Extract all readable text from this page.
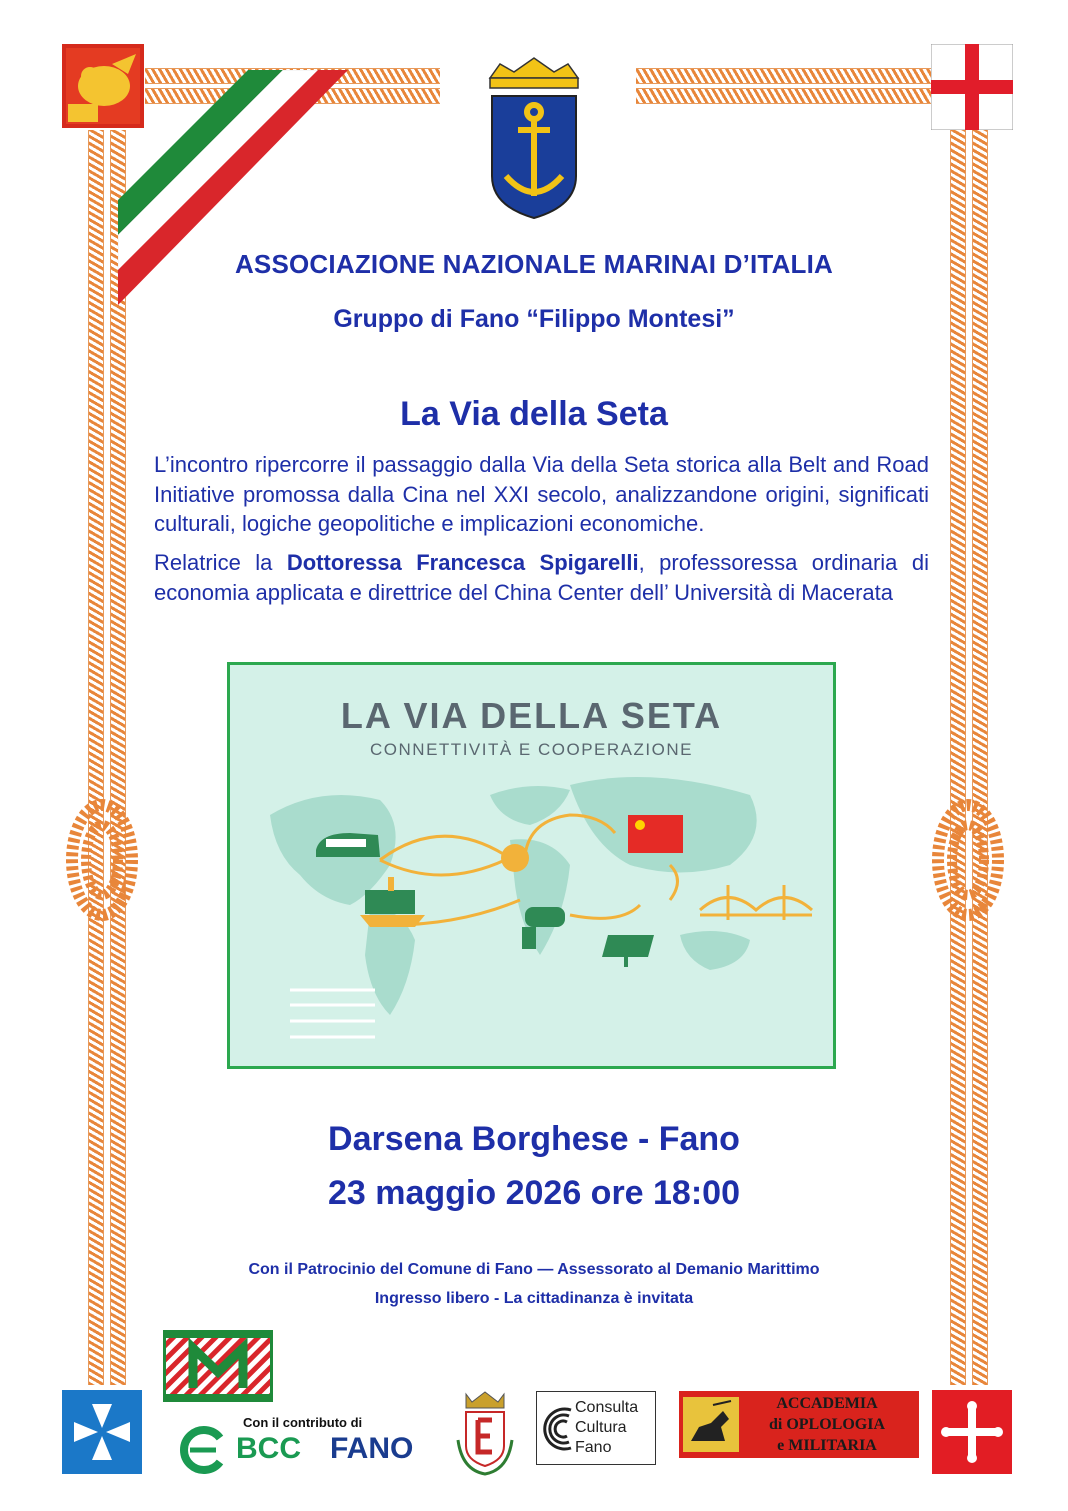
ASSOCIAZIONE NAZIONALE MARINAI D’ITALIA
Gruppo di Fano “Filippo Montesi”
La Via della Seta
L’incontro ripercorre il passaggio dalla Via della Seta storica alla Belt and Road Initiative promossa dalla Cina nel XXI secolo, analizzandone origini, significati culturali, logiche geopolitiche e implicazioni economiche.
Relatrice la Dottoressa Francesca Spigarelli, professoressa ordinaria di economia applicata e direttrice del China Center dell’ Università di Macerata
LA VIA DELLA SETA
CONNETTIVITÀ E COOPERAZIONE
Darsena Borghese - Fano
23 maggio 2026 ore 18:00
Con il Patrocinio del Comune di Fano — Assessorato al Demanio Marittimo
Ingresso libero - La cittadinanza è invitata
Con il contributo di
BCC FANO
Consulta
Cultura
Fano
ACCADEMIA
di OPLOLOGIA
e MILITARIA
